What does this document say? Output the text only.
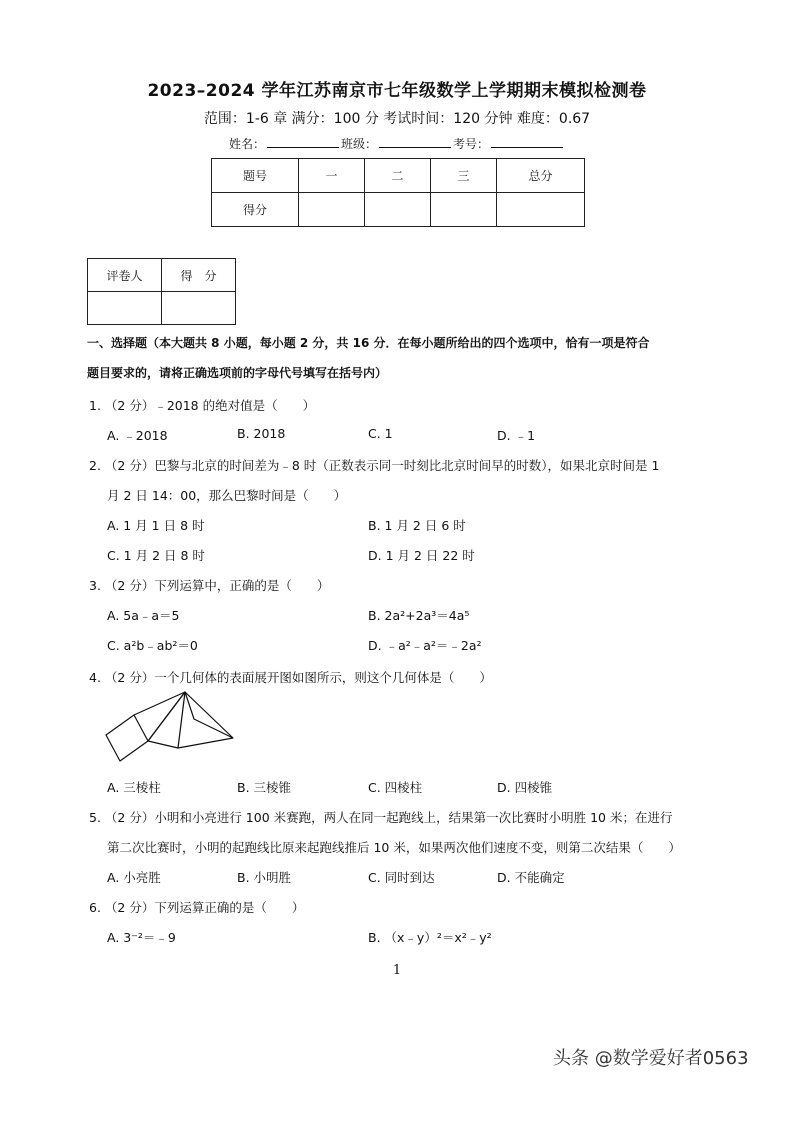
2023–2024 学年江苏南京市七年级数学上学期期末模拟检测卷
范围：1-6 章 满分：100 分 考试时间：120 分钟 难度：0.67
姓名：	班级：	考号：
题号	一	二	三	总分
得分				
评卷人	得　分

一、选择题（本大题共 8 小题，每小题 2 分，共 16 分．在每小题所给出的四个选项中，恰有一项是符合
题目要求的，请将正确选项前的字母代号填写在括号内）
1. （2 分）﹣2018 的绝对值是（　　）
A. ﹣2018	B. 2018	C. 1	D. ﹣1
2. （2 分）巴黎与北京的时间差为﹣8 时（正数表示同一时刻比北京时间早的时数），如果北京时间是 1
月 2 日 14：00，那么巴黎时间是（　　）
A. 1 月 1 日 8 时	B. 1 月 2 日 6 时
C. 1 月 2 日 8 时	D. 1 月 2 日 22 时
3. （2 分）下列运算中，正确的是（　　）
A. 5a﹣a＝5	B. 2a²+2a³＝4a⁵
C. a²b﹣ab²＝0	D. ﹣a²﹣a²＝﹣2a²
4. （2 分）一个几何体的表面展开图如图所示，则这个几何体是（　　）
A. 三棱柱	B. 三棱锥	C. 四棱柱	D. 四棱锥
5. （2 分）小明和小亮进行 100 米赛跑，两人在同一起跑线上，结果第一次比赛时小明胜 10 米；在进行
第二次比赛时，小明的起跑线比原来起跑线推后 10 米，如果两次他们速度不变，则第二次结果（　　）
A. 小亮胜	B. 小明胜	C. 同时到达	D. 不能确定
6. （2 分）下列运算正确的是（　　）
A. 3⁻²＝﹣9	B. （x﹣y）²＝x²﹣y²
1
头条 @数学爱好者0563
